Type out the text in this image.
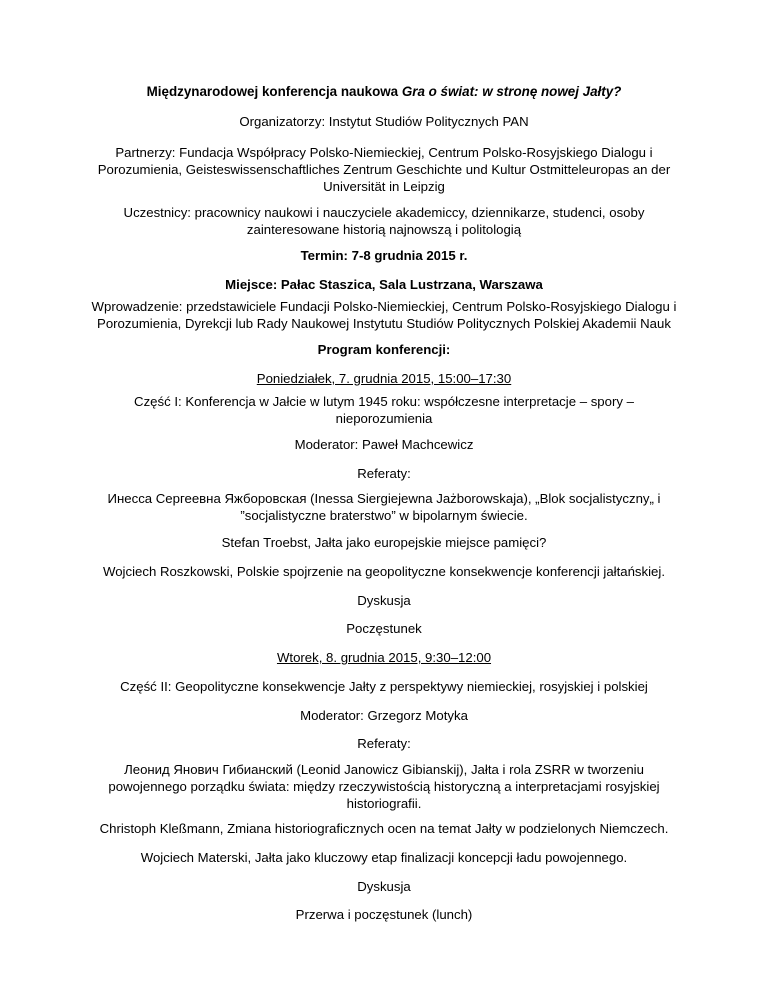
Międzynarodowej konferencja naukowa Gra o świat: w stronę nowej Jałty?

Organizatorzy: Instytut Studiów Politycznych PAN

Partnerzy: Fundacja Współpracy Polsko-Niemieckiej, Centrum Polsko-Rosyjskiego Dialogu i Porozumienia, Geisteswissenschaftliches Zentrum Geschichte und Kultur Ostmitteleuropas an der Universität in Leipzig

Uczestnicy: pracownicy naukowi i nauczyciele akademiccy, dziennikarze, studenci, osoby zainteresowane historią najnowszą i politologią

Termin: 7-8 grudnia 2015 r.

Miejsce: Pałac Staszica, Sala Lustrzana, Warszawa

Wprowadzenie: przedstawiciele Fundacji Polsko-Niemieckiej, Centrum Polsko-Rosyjskiego Dialogu i Porozumienia, Dyrekcji lub Rady Naukowej Instytutu Studiów Politycznych Polskiej Akademii Nauk

Program konferencji:

Poniedziałek, 7. grudnia 2015, 15:00–17:30

Część I: Konferencja w Jałcie w lutym 1945 roku: współczesne interpretacje – spory – nieporozumienia

Moderator: Paweł Machcewicz

Referaty:

Инесса Сергеевна Яжборовская (Inessa Siergiejewna Jażborowskaja), „Blok socjalistyczny„ i ”socjalistyczne braterstwo” w bipolarnym świecie.

Stefan Troebst, Jałta jako europejskie miejsce pamięci?

Wojciech Roszkowski, Polskie spojrzenie na geopolityczne konsekwencje konferencji jałtańskiej.

Dyskusja

Poczęstunek

Wtorek, 8. grudnia 2015, 9:30–12:00

Część II: Geopolityczne konsekwencje Jałty z perspektywy niemieckiej, rosyjskiej i polskiej

Moderator: Grzegorz Motyka

Referaty:

Леонид Янович Гибианский (Leonid Janowicz Gibianskij), Jałta i rola ZSRR w tworzeniu powojennego porządku świata: między rzeczywistością historyczną a interpretacjami rosyjskiej historiografii.

Christoph Kleßmann, Zmiana historiograficznych ocen na temat Jałty w podzielonych Niemczech.

Wojciech Materski, Jałta jako kluczowy etap finalizacji koncepcji ładu powojennego.

Dyskusja

Przerwa i poczęstunek (lunch)
